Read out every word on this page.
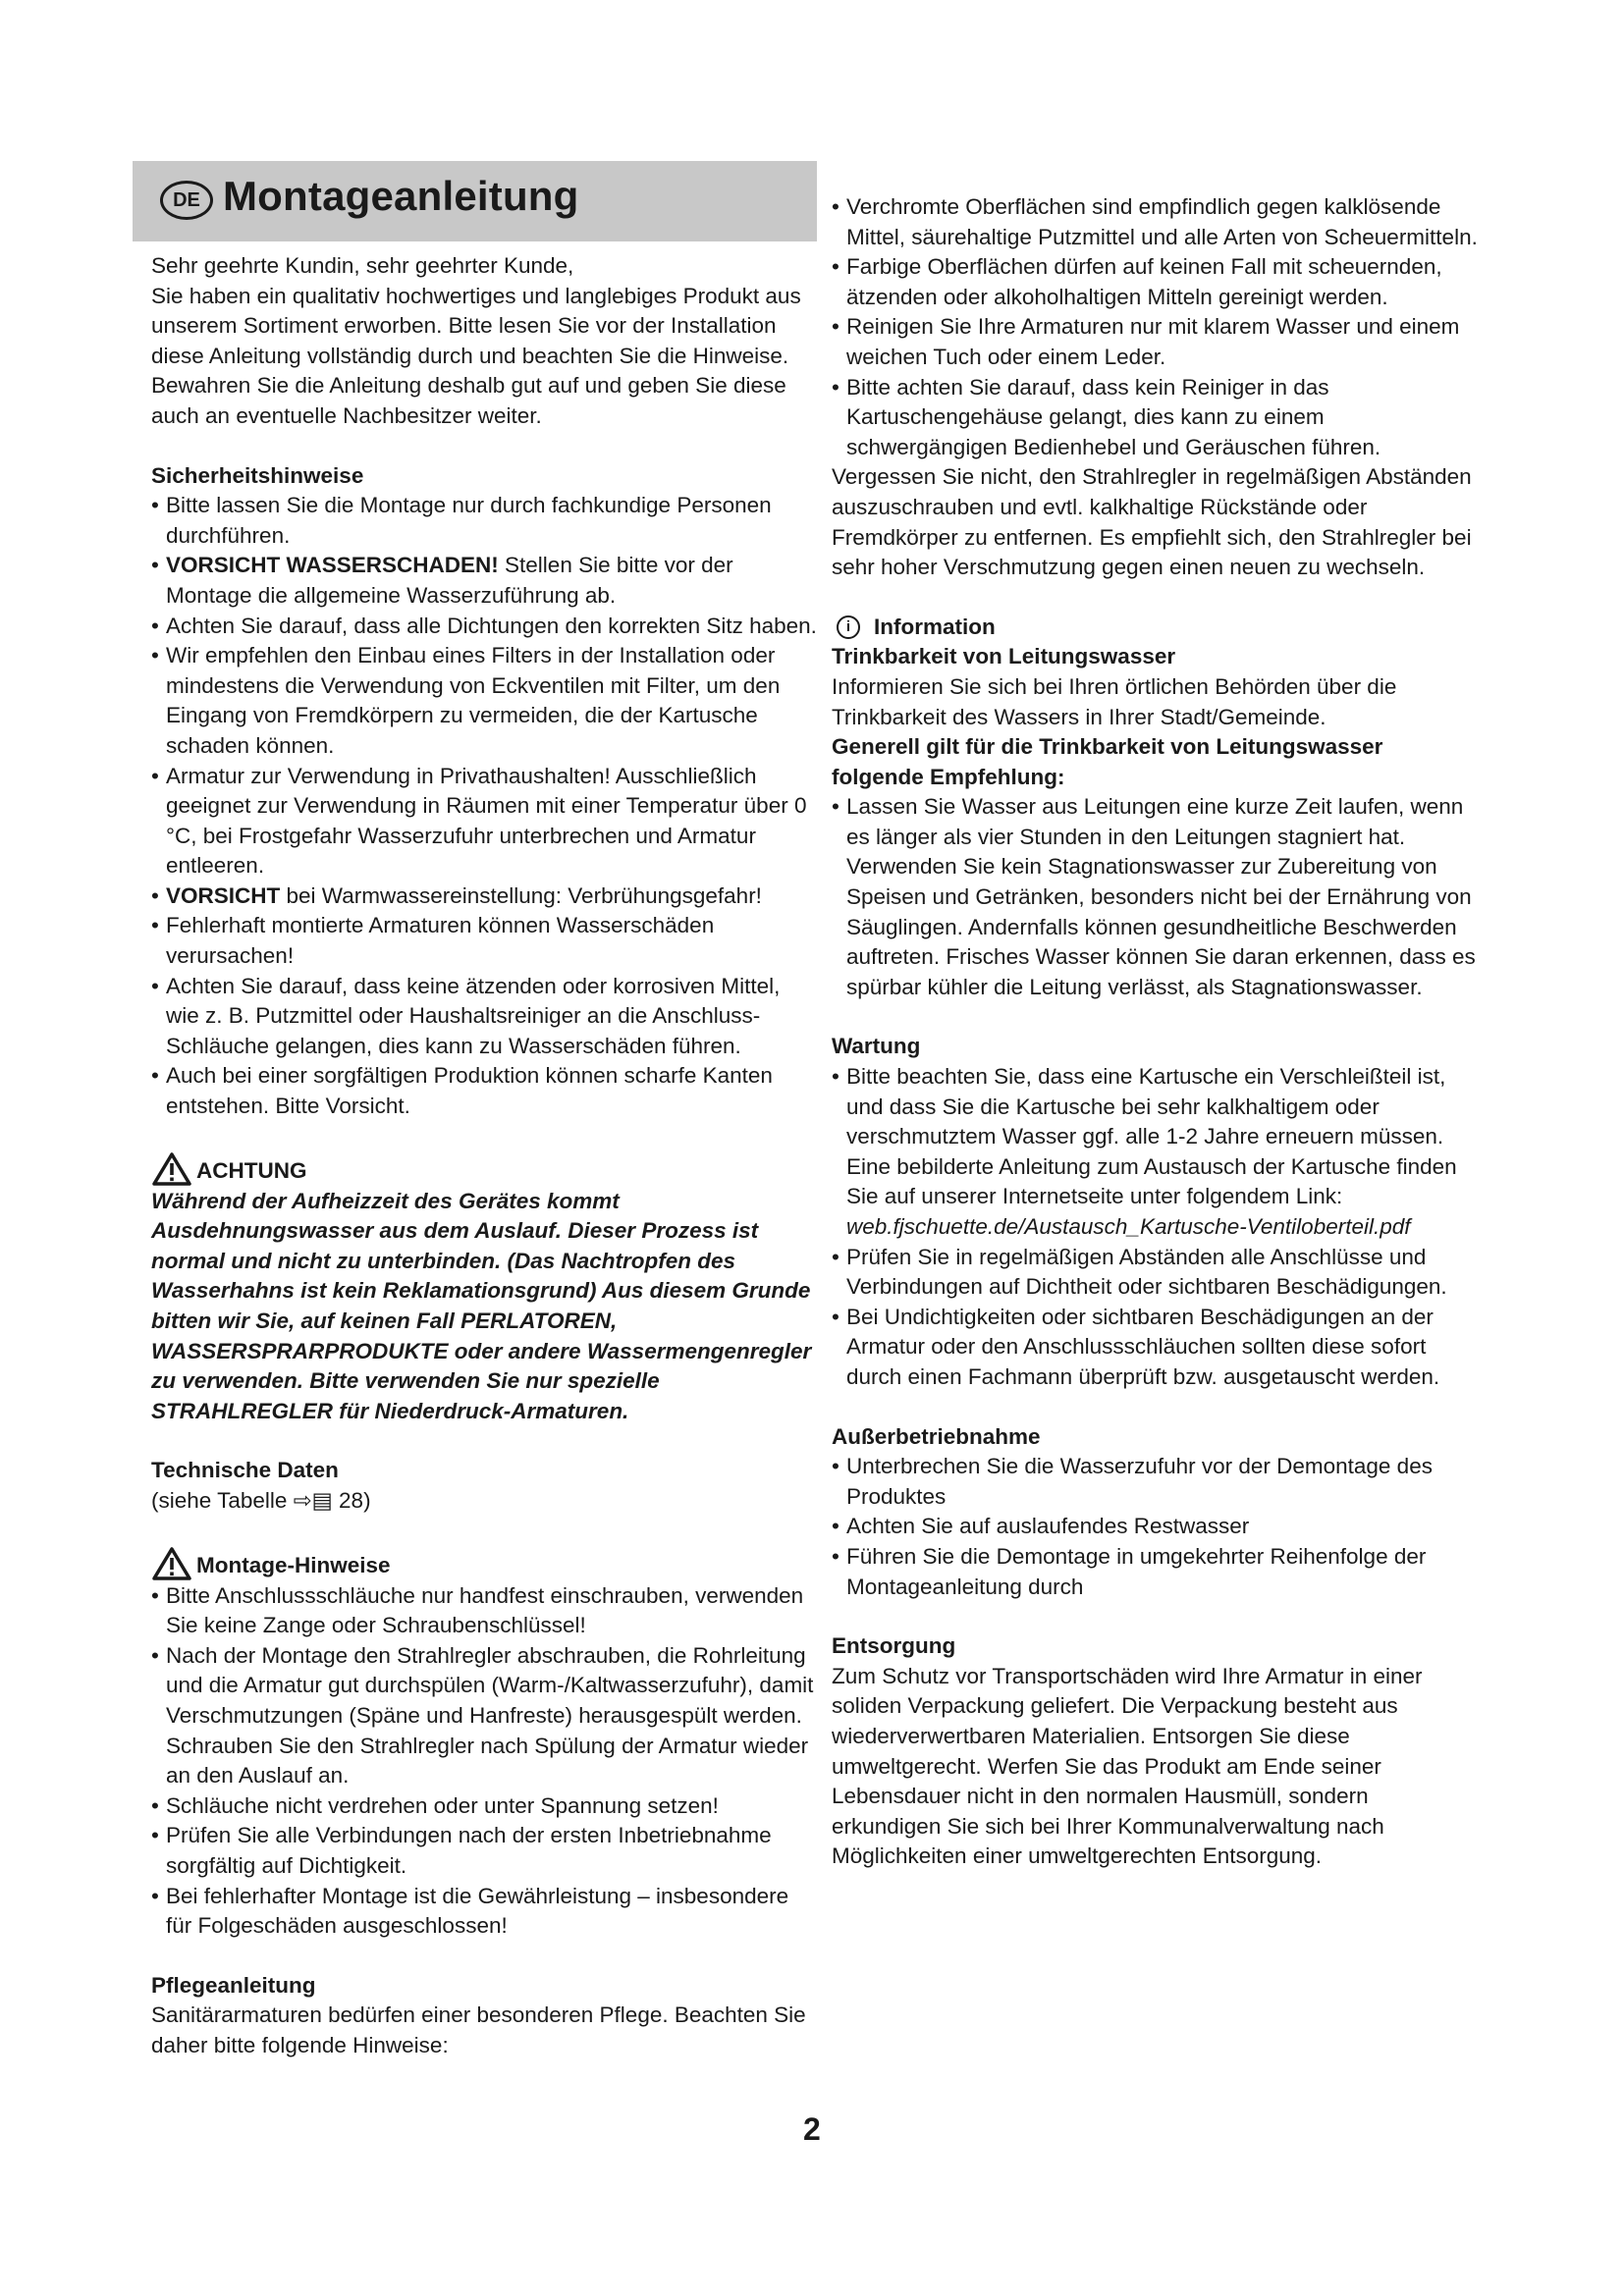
DE Montageanleitung

Sehr geehrte Kundin, sehr geehrter Kunde,

Sie haben ein qualitativ hochwertiges und langlebiges Produkt aus unserem Sortiment erworben. Bitte lesen Sie vor der Installation diese Anleitung vollständig durch und beachten Sie die Hinweise.

Bewahren Sie die Anleitung deshalb gut auf und geben Sie diese auch an eventuelle Nachbesitzer weiter.

Sicherheitshinweise

• Bitte lassen Sie die Montage nur durch fachkundige Personen durchführen.
• VORSICHT WASSERSCHADEN! Stellen Sie bitte vor der Montage die allgemeine Wasserzuführung ab.
• Achten Sie darauf, dass alle Dichtungen den korrekten Sitz haben.
• Wir empfehlen den Einbau eines Filters in der Installation oder mindestens die Verwendung von Eckventilen mit Filter, um den Eingang von Fremdkörpern zu vermeiden, die der Kartusche schaden können.
• Armatur zur Verwendung in Privathaushalten! Ausschließlich geeignet zur Verwendung in Räumen mit einer Temperatur über 0 °C, bei Frostgefahr Wasserzufuhr unterbrechen und Armatur entleeren.
• VORSICHT bei Warmwassereinstellung: Verbrühungsgefahr!
• Fehlerhaft montierte Armaturen können Wasserschäden verursachen!
• Achten Sie darauf, dass keine ätzenden oder korrosiven Mittel, wie z. B. Putzmittel oder Haushaltsreiniger an die Anschluss-Schläuche gelangen, dies kann zu Wasserschäden führen.
• Auch bei einer sorgfältigen Produktion können scharfe Kanten entstehen. Bitte Vorsicht.
ACHTUNG

Während der Aufheizzeit des Gerätes kommt Ausdehnungswasser aus dem Auslauf. Dieser Prozess ist normal und nicht zu unterbinden. (Das Nachtropfen des Wasserhahns ist kein Reklamationsgrund) Aus diesem Grunde bitten wir Sie, auf keinen Fall PERLATOREN, WASSERSPRARPRODUKTE oder andere Wassermengenregler zu verwenden. Bitte verwenden Sie nur spezielle STRAHLREGLER für Niederdruck-Armaturen.

Technische Daten

(siehe Tabelle ⇨▤ 28)

Montage-Hinweise
• Bitte Anschlussschläuche nur handfest einschrauben, verwenden Sie keine Zange oder Schraubenschlüssel!
• Nach der Montage den Strahlregler abschrauben, die Rohrleitung und die Armatur gut durchspülen (Warm-/Kaltwasserzufuhr), damit Verschmutzungen (Späne und Hanfreste) herausgespült werden. Schrauben Sie den Strahlregler nach Spülung der Armatur wieder an den Auslauf an.
• Schläuche nicht verdrehen oder unter Spannung setzen!
• Prüfen Sie alle Verbindungen nach der ersten Inbetriebnahme sorgfältig auf Dichtigkeit.
• Bei fehlerhafter Montage ist die Gewährleistung – insbesondere für Folgeschäden ausgeschlossen!

Pflegeanleitung

Sanitärarmaturen bedürfen einer besonderen Pflege. Beachten Sie daher bitte folgende Hinweise:

• Verchromte Oberflächen sind empfindlich gegen kalklösende Mittel, säurehaltige Putzmittel und alle Arten von Scheuermitteln.
• Farbige Oberflächen dürfen auf keinen Fall mit scheuernden, ätzenden oder alkoholhaltigen Mitteln gereinigt werden.
• Reinigen Sie Ihre Armaturen nur mit klarem Wasser und einem weichen Tuch oder einem Leder.
• Bitte achten Sie darauf, dass kein Reiniger in das Kartuschengehäuse gelangt, dies kann zu einem schwergängigen Bedienhebel und Geräuschen führen.

Vergessen Sie nicht, den Strahlregler in regelmäßigen Abständen auszuschrauben und evtl. kalkhaltige Rückstände oder Fremdkörper zu entfernen. Es empfiehlt sich, den Strahlregler bei sehr hoher Verschmutzung gegen einen neuen zu wechseln.

i	Information

Trinkbarkeit von Leitungswasser

Informieren Sie sich bei Ihren örtlichen Behörden über die Trinkbarkeit des Wassers in Ihrer Stadt/Gemeinde.

Generell gilt für die Trinkbarkeit von Leitungswasser folgende Empfehlung:

• Lassen Sie Wasser aus Leitungen eine kurze Zeit laufen, wenn es länger als vier Stunden in den Leitungen stagniert hat. Verwenden Sie kein Stagnationswasser zur Zubereitung von Speisen und Getränken, besonders nicht bei der Ernährung von Säuglingen. Andernfalls können gesundheitliche Beschwerden auftreten. Frisches Wasser können Sie daran erkennen, dass es spürbar kühler die Leitung verlässt, als Stagnationswasser.

Wartung

• Bitte beachten Sie, dass eine Kartusche ein Verschleißteil ist, und dass Sie die Kartusche bei sehr kalkhaltigem oder verschmutztem Wasser ggf. alle 1-2 Jahre erneuern müssen.

Eine bebilderte Anleitung zum Austausch der Kartusche finden Sie auf unserer Internetseite unter folgendem Link:

web.fjschuette.de/Austausch_Kartusche-Ventiloberteil.pdf

• Prüfen Sie in regelmäßigen Abständen alle Anschlüsse und Verbindungen auf Dichtheit oder sichtbaren Beschädigungen.
• Bei Undichtigkeiten oder sichtbaren Beschädigungen an der Armatur oder den Anschlussschläuchen sollten diese sofort durch einen Fachmann überprüft bzw. ausgetauscht werden.

Außerbetriebnahme

• Unterbrechen Sie die Wasserzufuhr vor der Demontage des Produktes
• Achten Sie auf auslaufendes Restwasser
• Führen Sie die Demontage in umgekehrter Reihenfolge der Montageanleitung durch

Entsorgung

Zum Schutz vor Transportschäden wird Ihre Armatur in einer soliden Verpackung geliefert. Die Verpackung besteht aus wiederverwertbaren Materialien. Entsorgen Sie diese umweltgerecht. Werfen Sie das Produkt am Ende seiner Lebensdauer nicht in den normalen Hausmüll, sondern erkundigen Sie sich bei Ihrer Kommunalverwaltung nach Möglichkeiten einer umweltgerechten Entsorgung.

2
